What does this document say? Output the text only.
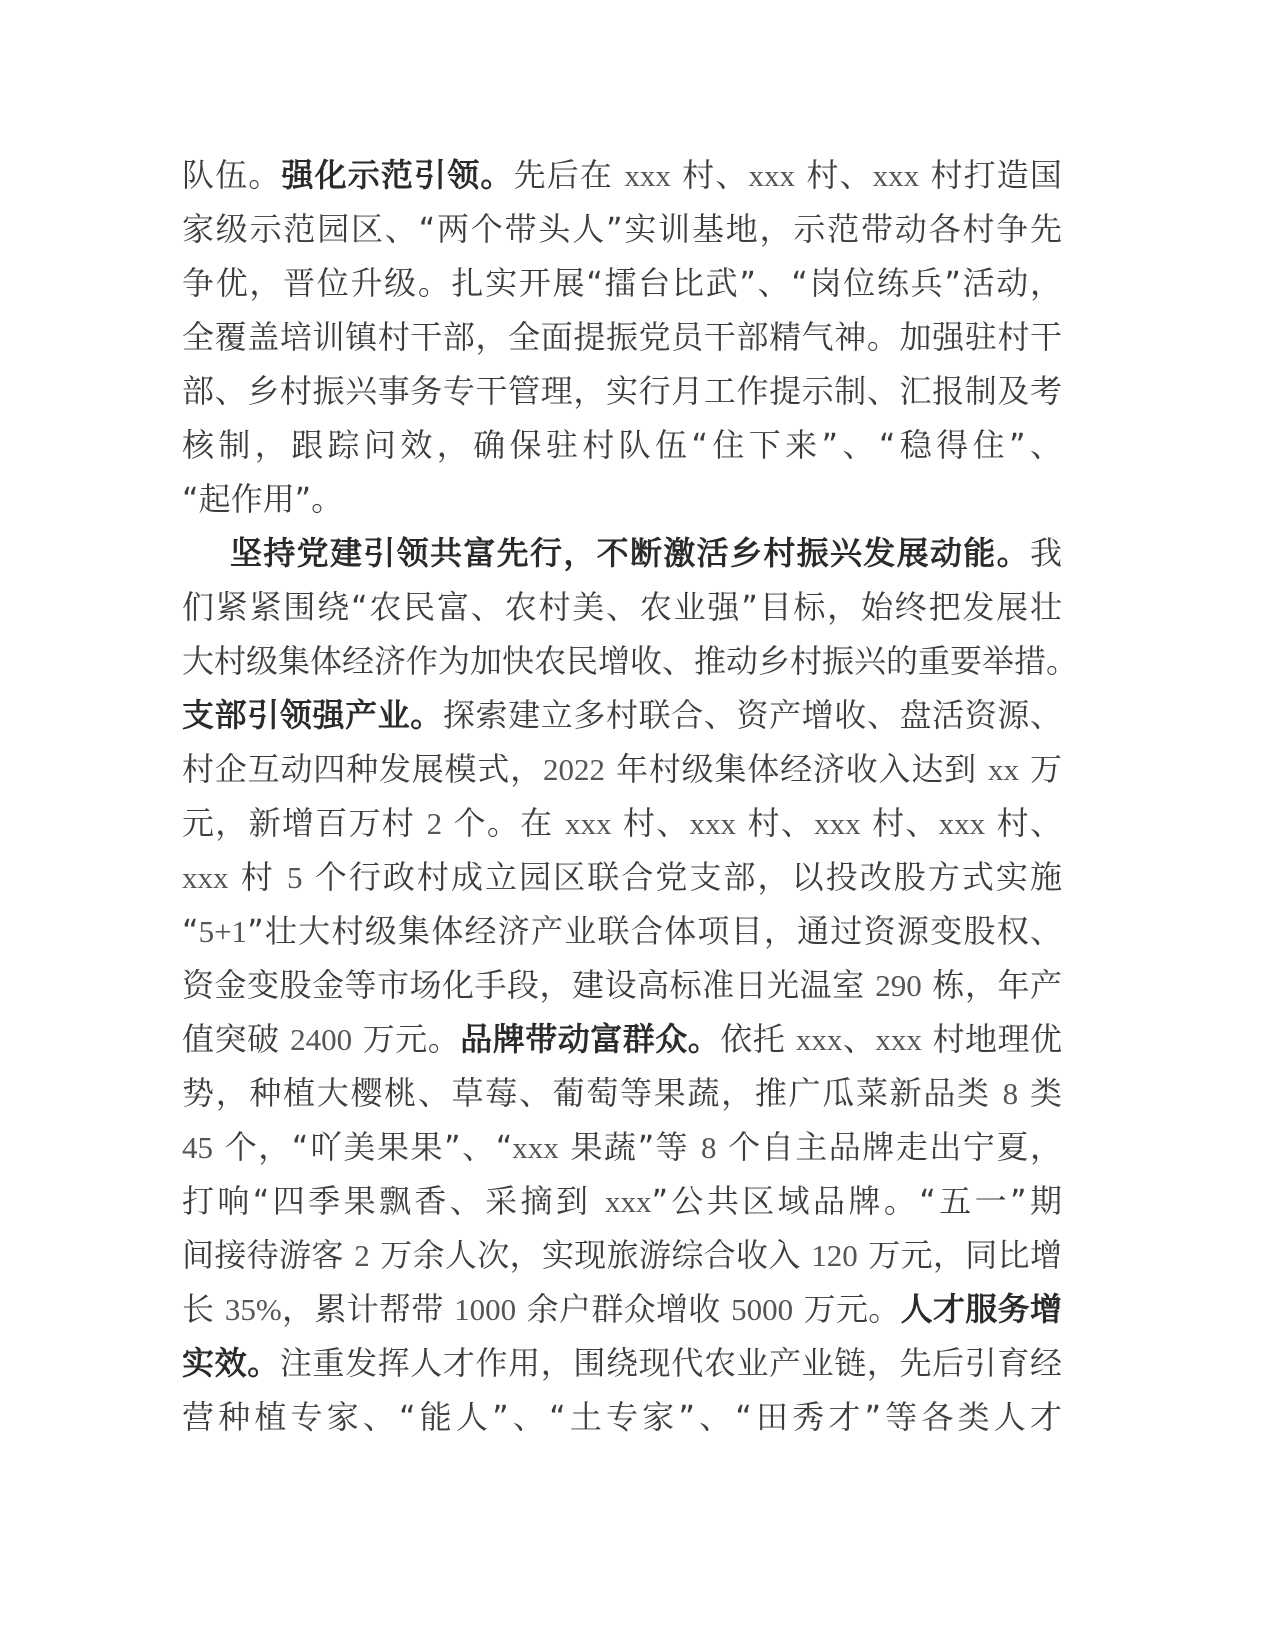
队伍。强化示范引领。先后在 xxx 村、xxx 村、xxx 村打造国
家级示范园区、“两个带头人”实训基地，示范带动各村争先
争优，晋位升级。扎实开展“擂台比武”、“岗位练兵”活动，
全覆盖培训镇村干部，全面提振党员干部精气神。加强驻村干
部、乡村振兴事务专干管理，实行月工作提示制、汇报制及考
核制，跟踪问效，确保驻村队伍“住下来”、“稳得住”、
“起作用”。
坚持党建引领共富先行，不断激活乡村振兴发展动能。我
们紧紧围绕“农民富、农村美、农业强”目标，始终把发展壮
大村级集体经济作为加快农民增收、推动乡村振兴的重要举措。
支部引领强产业。探索建立多村联合、资产增收、盘活资源、
村企互动四种发展模式，2022 年村级集体经济收入达到 xx 万
元，新增百万村 2 个。在 xxx 村、xxx 村、xxx 村、xxx 村、
xxx 村 5 个行政村成立园区联合党支部，以投改股方式实施
“5+1”壮大村级集体经济产业联合体项目，通过资源变股权、
资金变股金等市场化手段，建设高标准日光温室 290 栋，年产
值突破 2400 万元。品牌带动富群众。依托 xxx、xxx 村地理优
势，种植大樱桃、草莓、葡萄等果蔬，推广瓜菜新品类 8 类
45 个，“吖美果果”、“xxx 果蔬”等 8 个自主品牌走出宁夏，
打响“四季果飘香、采摘到 xxx”公共区域品牌。“五一”期
间接待游客 2 万余人次，实现旅游综合收入 120 万元，同比增
长 35%，累计帮带 1000 余户群众增收 5000 万元。人才服务增
实效。注重发挥人才作用，围绕现代农业产业链，先后引育经
营种植专家、“能人”、“土专家”、“田秀才”等各类人才
